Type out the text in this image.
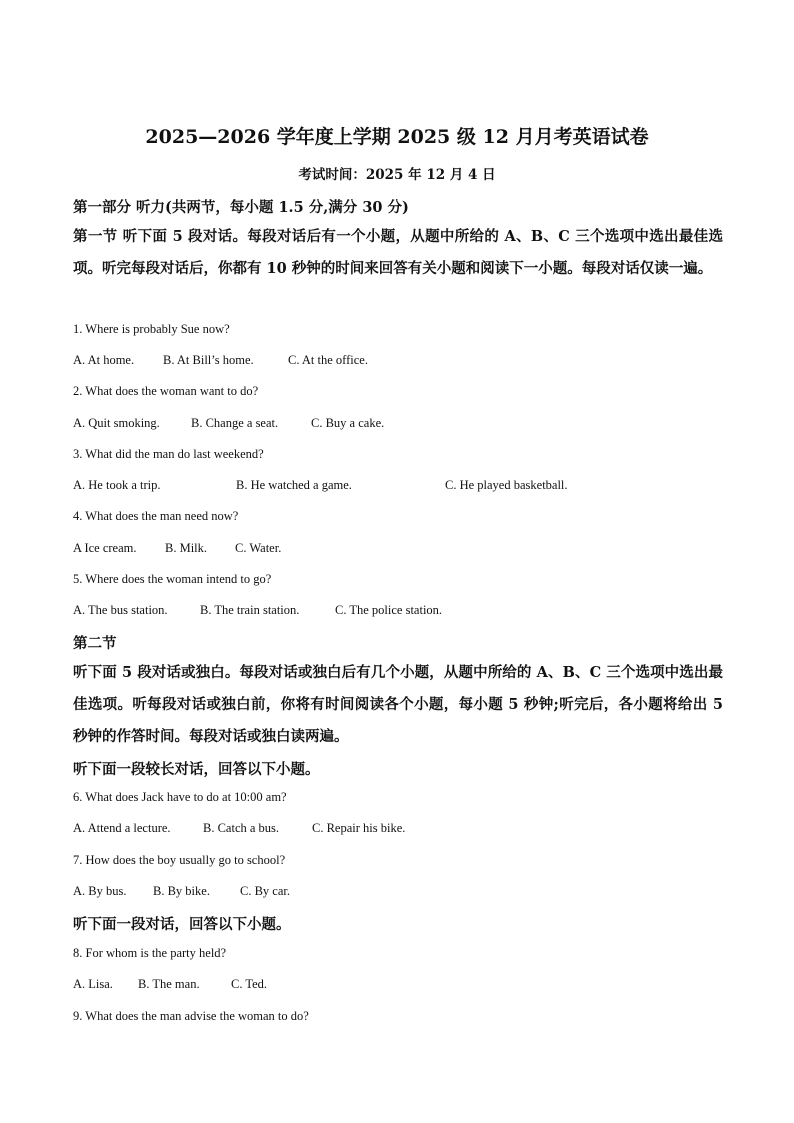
2025—2026 学年度上学期 2025 级 12 月月考英语试卷
考试时间：2025 年 12 月 4 日
第一部分 听力(共两节，每小题 1.5 分,满分 30 分)
第一节 听下面 5 段对话。每段对话后有一个小题，从题中所给的 A、B、C 三个选项中选出最佳选项。听完每段对话后，你都有 10 秒钟的时间来回答有关小题和阅读下一小题。每段对话仅读一遍。
1. Where is probably Sue now?
A. At home. B. At Bill’s home.	C. At the office.
2. What does the woman want to do?
A. Quit smoking. B. Change a seat.	C. Buy a cake.
3. What did the man do last weekend?
A. He took a trip.	B. He watched a game.	C. He played basketball.
4. What does the man need now?
A Ice cream. B. Milk. C. Water.
5. Where does the woman intend to go?
A. The bus station.	B. The train station.	C. The police station.
第二节
听下面 5 段对话或独白。每段对话或独白后有几个小题，从题中所给的 A、B、C 三个选项中选出最佳选项。听每段对话或独白前，你将有时间阅读各个小题，每小题 5 秒钟;听完后，各小题将给出 5 秒钟的作答时间。每段对话或独白读两遍。
听下面一段较长对话，回答以下小题。
6. What does Jack have to do at 10:00 am?
A. Attend a lecture.	B. Catch a bus.	C. Repair his bike.
7. How does the boy usually go to school?
A. By bus. B. By bike. C. By car.
听下面一段对话，回答以下小题。
8. For whom is the party held?
A. Lisa. B. The man.	C. Ted.
9. What does the man advise the woman to do?
